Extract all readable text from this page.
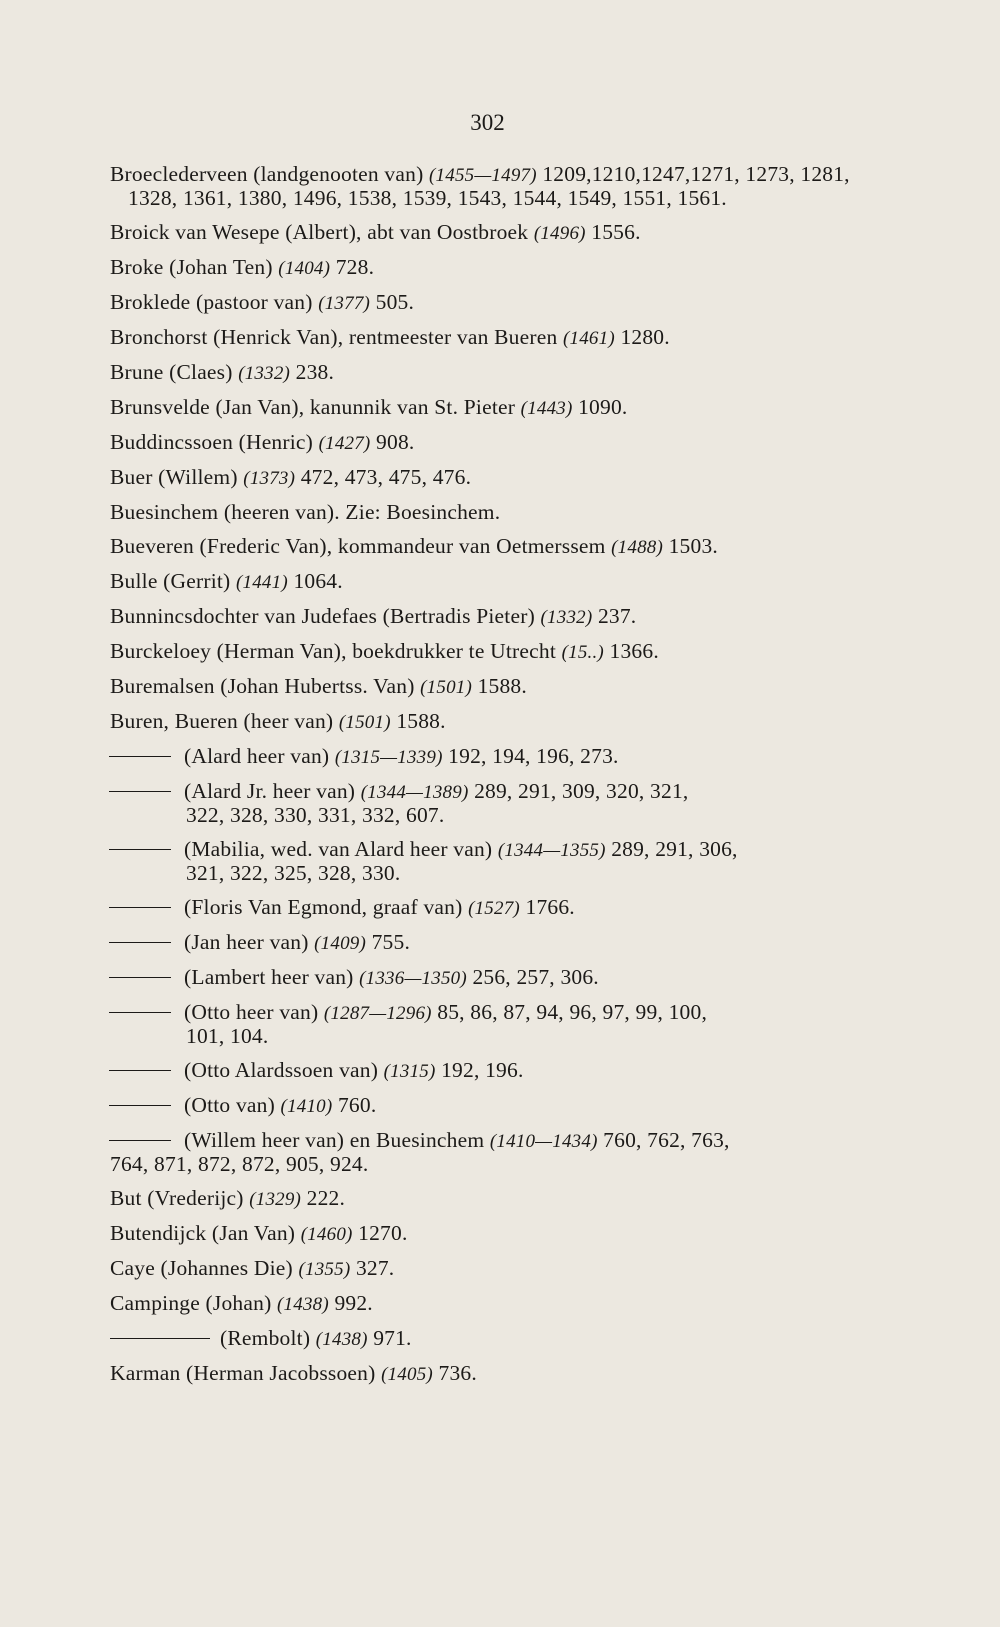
302
Broeclederveen (landgenooten van) (1455—1497) 1209,1210,1247,1271, 1273, 1281, 1328, 1361, 1380, 1496, 1538, 1539, 1543, 1544, 1549, 1551, 1561.
Broick van Wesepe (Albert), abt van Oostbroek (1496) 1556.
Broke (Johan Ten) (1404) 728.
Broklede (pastoor van) (1377) 505.
Bronchorst (Henrick Van), rentmeester van Bueren (1461) 1280.
Brune (Claes) (1332) 238.
Brunsvelde (Jan Van), kanunnik van St. Pieter (1443) 1090.
Buddincssoen (Henric) (1427) 908.
Buer (Willem) (1373) 472, 473, 475, 476.
Buesinchem (heeren van). Zie: Boesinchem.
Bueveren (Frederic Van), kommandeur van Oetmerssem (1488) 1503.
Bulle (Gerrit) (1441) 1064.
Bunnincsdochter van Judefaes (Bertradis Pieter) (1332) 237.
Burckeloey (Herman Van), boekdrukker te Utrecht (15..) 1366.
Buremalsen (Johan Hubertss. Van) (1501) 1588.
Buren, Bueren (heer van) (1501) 1588.
(Alard heer van) (1315—1339) 192, 194, 196, 273.
(Alard Jr. heer van) (1344—1389) 289, 291, 309, 320, 321,
322, 328, 330, 331, 332, 607.
(Mabilia, wed. van Alard heer van) (1344—1355) 289, 291, 306,
321, 322, 325, 328, 330.
(Floris Van Egmond, graaf van) (1527) 1766.
(Jan heer van) (1409) 755.
(Lambert heer van) (1336—1350) 256, 257, 306.
(Otto heer van) (1287—1296) 85, 86, 87, 94, 96, 97, 99, 100,
101, 104.
(Otto Alardssoen van) (1315) 192, 196.
(Otto van) (1410) 760.
(Willem heer van) en Buesinchem (1410—1434) 760, 762, 763,
764, 871, 872, 872, 905, 924.
But (Vrederijc) (1329) 222.
Butendijck (Jan Van) (1460) 1270.
Caye (Johannes Die) (1355) 327.
Campinge (Johan) (1438) 992.
(Rembolt) (1438) 971.
Karman (Herman Jacobssoen) (1405) 736.
